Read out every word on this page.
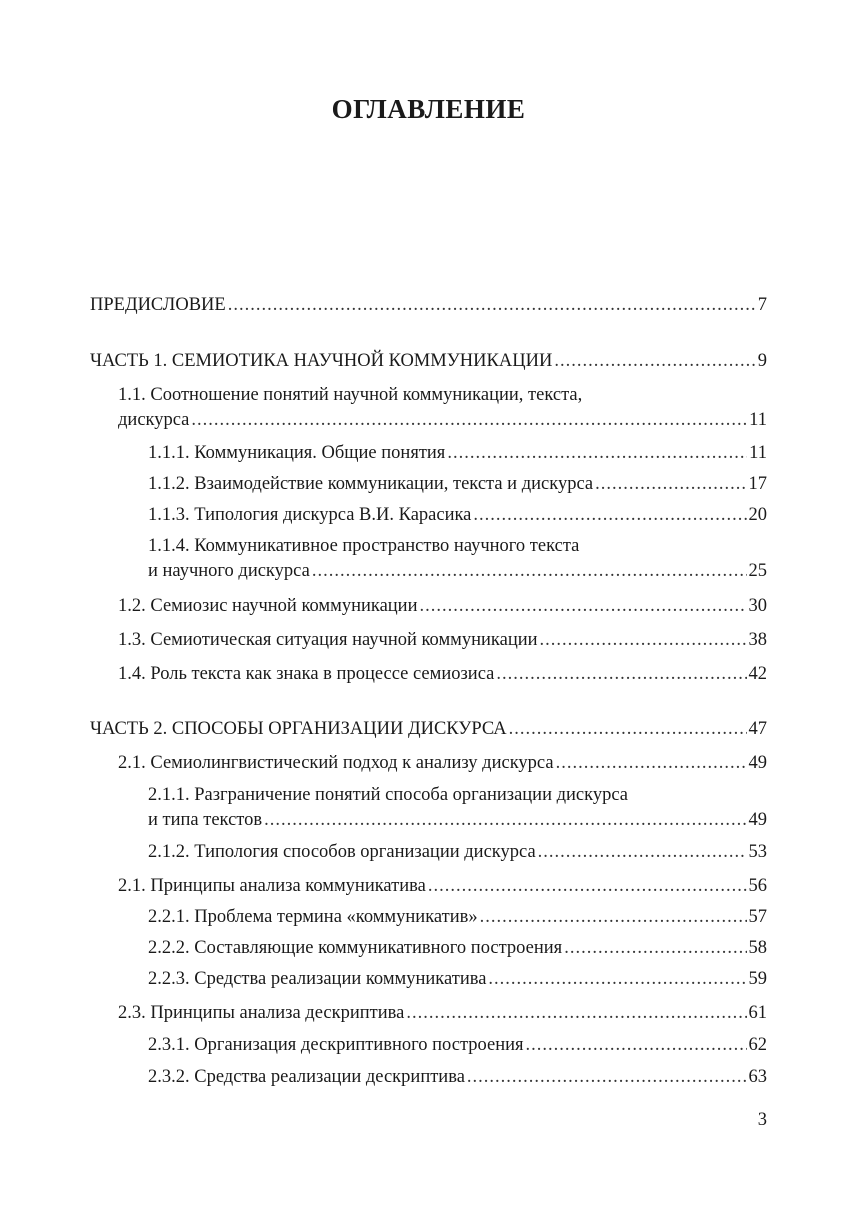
ОГЛАВЛЕНИЕ
ПРЕДИСЛОВИЕ .....	7
ЧАСТЬ 1. СЕМИОТИКА НАУЧНОЙ КОММУНИКАЦИИ .....	9
1.1. Соотношение понятий научной коммуникации, текста,
дискурса .....	11
1.1.1. Коммуникация. Общие понятия .....	11
1.1.2. Взаимодействие коммуникации, текста и дискурса .....	17
1.1.3. Типология дискурса В.И. Карасика .....	20
1.1.4. Коммуникативное пространство научного текста
и научного дискурса .....	25
1.2. Семиозис научной коммуникации .....	30
1.3. Семиотическая ситуация научной коммуникации .....	38
1.4. Роль текста как знака в процессе семиозиса .....	42
ЧАСТЬ 2. СПОСОБЫ ОРГАНИЗАЦИИ ДИСКУРСА .....	47
2.1. Семиолингвистический подход к анализу дискурса .....	49
2.1.1. Разграничение понятий способа организации дискурса
и типа текстов .....	49
2.1.2. Типология способов организации дискурса .....	53
2.1. Принципы анализа коммуникатива .....	56
2.2.1. Проблема термина «коммуникатив» .....	57
2.2.2. Составляющие коммуникативного построения .....	58
2.2.3. Средства реализации коммуникатива .....	59
2.3. Принципы анализа дескриптива .....	61
2.3.1. Организация дескриптивного построения .....	62
2.3.2. Средства реализации дескриптива .....	63
3
